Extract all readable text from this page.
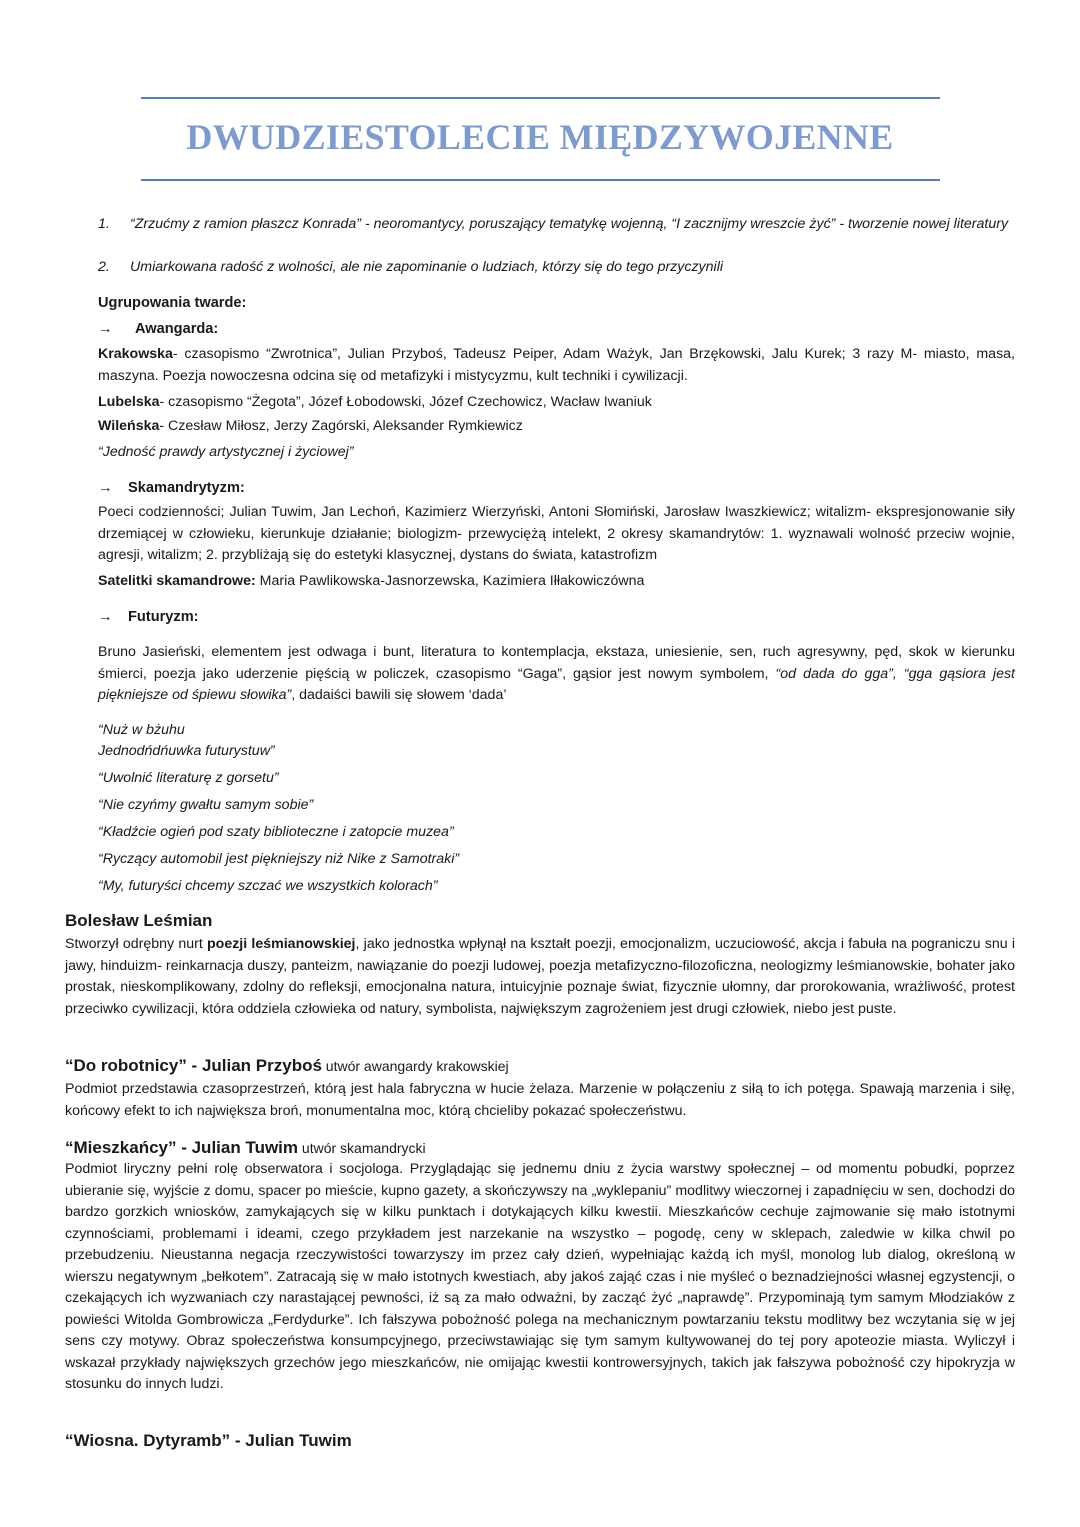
DWUDZIESTOLECIE MIĘDZYWOJENNE
1. “Zrzućmy z ramion płaszcz Konrada” - neoromantycy, poruszający tematykę wojenną, “I zacznijmy wreszcie żyć” - tworzenie nowej literatury

2. Umiarkowana radość z wolności, ale nie zapominanie o ludziach, którzy się do tego przyczynili

Ugrupowania twarde:
→ Awangarda:

Krakowska- czasopismo “Zwrotnica”, Julian Przyboś, Tadeusz Peiper, Adam Ważyk, Jan Brzękowski, Jalu Kurek; 3 razy M- miasto, masa, maszyna. Poezja nowoczesna odcina się od metafizyki i mistycyzmu, kult techniki i cywilizacji.

Lubelska- czasopismo “Żegota”, Józef Łobodowski, Józef Czechowicz, Wacław Iwaniuk

Wileńska- Czesław Miłosz, Jerzy Zagórski, Aleksander Rymkiewicz

“Jedność prawdy artystycznej i życiowej”

→ Skamandrytyzm:

Poeci codzienności; Julian Tuwim, Jan Lechoń, Kazimierz Wierzyński, Antoni Słomiński, Jarosław Iwaszkiewicz; witalizm- ekspresjonowanie siły drzemiącej w człowieku, kierunkuje działanie; biologizm- przewyciężą intelekt, 2 okresy skamandrytów: 1. wyznawali wolność przeciw wojnie, agresji, witalizm; 2. przybliżają się do estetyki klasycznej, dystans do świata, katastrofizm

Satelitki skamandrowe: Maria Pawlikowska-Jasnorzewska, Kazimiera Iłłakowiczówna

→ Futuryzm:

Bruno Jasieński, elementem jest odwaga i bunt, literatura to kontemplacja, ekstaza, uniesienie, sen, ruch agresywny, pęd, skok w kierunku śmierci, poezja jako uderzenie pięścią w policzek, czasopismo “Gaga”, gąsior jest nowym symbolem, “od dada do gga”, “gga gąsiora jest piękniejsze od śpiewu słowika”, dadaiści bawili się słowem ‘dada’

“Nuż w bżuhu
Jednodńdńuwka futurystuw”
“Uwolnić literaturę z gorsetu”
“Nie czyńmy gwałtu samym sobie”
“Kładźcie ogień pod szaty biblioteczne i zatopcie muzea”
“Ryczący automobil jest piękniejszy niż Nike z Samotraki”
“My, futuryści chcemy szczać we wszystkich kolorach”
Bolesław Leśmian

Stworzył odrębny nurt poezji leśmianowskiej, jako jednostka wpłynął na kształt poezji, emocjonalizm, uczuciowość, akcja i fabuła na pograniczu snu i jawy, hinduizm- reinkarnacja duszy, panteizm, nawiązanie do poezji ludowej, poezja metafizyczno-filozoficzna, neologizmy leśmianowskie, bohater jako prostak, nieskomplikowany, zdolny do refleksji, emocjonalna natura, intuicyjnie poznaje świat, fizycznie ułomny, dar prorokowania, wrażliwość, protest przeciwko cywilizacji, która oddziela człowieka od natury, symbolista, największym zagrożeniem jest drugi człowiek, niebo jest puste.

“Do robotnicy” - Julian Przyboś utwór awangardy krakowskiej

Podmiot przedstawia czasoprzestrzeń, którą jest hala fabryczna w hucie żelaza. Marzenie w połączeniu z siłą to ich potęga. Spawają marzenia i siłę, końcowy efekt to ich największa broń, monumentalna moc, którą chcieliby pokazać społeczeństwu.

“Mieszkańcy” - Julian Tuwim utwór skamandrycki

Podmiot liryczny pełni rolę obserwatora i socjologa. Przyglądając się jednemu dniu z życia warstwy społecznej – od momentu pobudki, poprzez ubieranie się, wyjście z domu, spacer po mieście, kupno gazety, a skończywszy na „wyklepaniu” modlitwy wieczornej i zapadnięciu w sen, dochodzi do bardzo gorzkich wniosków, zamykających się w kilku punktach i dotykających kilku kwestii. Mieszkańców cechuje zajmowanie się mało istotnymi czynnościami, problemami i ideami, czego przykładem jest narzekanie na wszystko – pogodę, ceny w sklepach, zaledwie w kilka chwil po przebudzeniu. Nieustanna negacja rzeczywistości towarzyszy im przez cały dzień, wypełniając każdą ich myśl, monolog lub dialog, określoną w wierszu negatywnym „bełkotem”. Zatracają się w mało istotnych kwestiach, aby jakoś zająć czas i nie myśleć o beznadziejności własnej egzystencji, o czekających ich wyzwaniach czy narastającej pewności, iż są za mało odważni, by zacząć żyć „naprawdę”. Przypominają tym samym Młodziaków z powieści Witolda Gombrowicza „Ferdydurke”. Ich fałszywa pobożność polega na mechanicznym powtarzaniu tekstu modlitwy bez wczytania się w jej sens czy motywy. Obraz społeczeństwa konsumpcyjnego, przeciwstawiając się tym samym kultywowanej do tej pory apoteozie miasta. Wyliczył i wskazał przykłady największych grzechów jego mieszkańców, nie omijając kwestii kontrowersyjnych, takich jak fałszywa pobożność czy hipokryzja w stosunku do innych ludzi.

“Wiosna. Dytyramb” - Julian Tuwim
